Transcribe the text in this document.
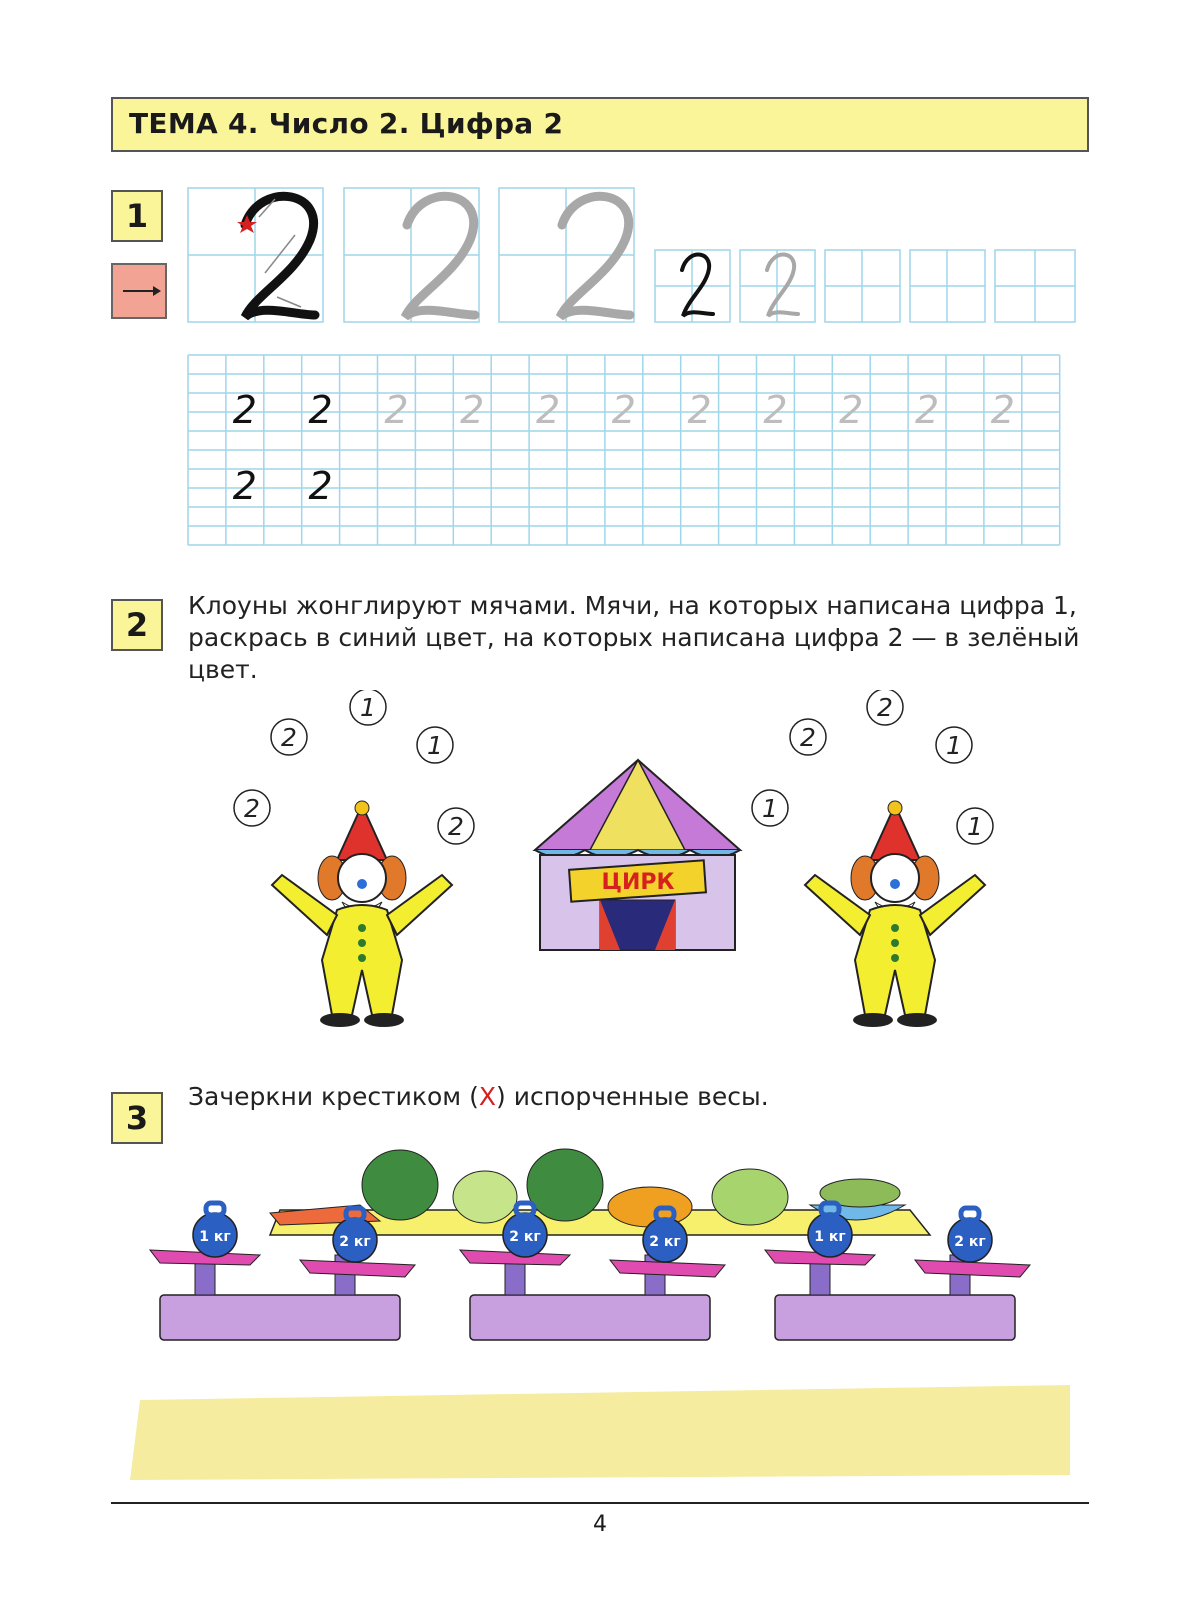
ТЕМА 4. Число 2. Цифра 2
1
2 2 2 2 2 2 2 2 2 2 2
2 2
2
Клоуны жонглируют мячами. Мячи, на которых написана цифра 1,
раскрась в синий цвет, на которых написана цифра 2 — в зелёный
цвет.
2
1
1
2
2
2
2
1
1
1
ЦИРК
3
Зачеркни крестиком (X) испорченные весы.
1 кг	2 кг	2 кг	2 кг	1 кг	2 кг
4
